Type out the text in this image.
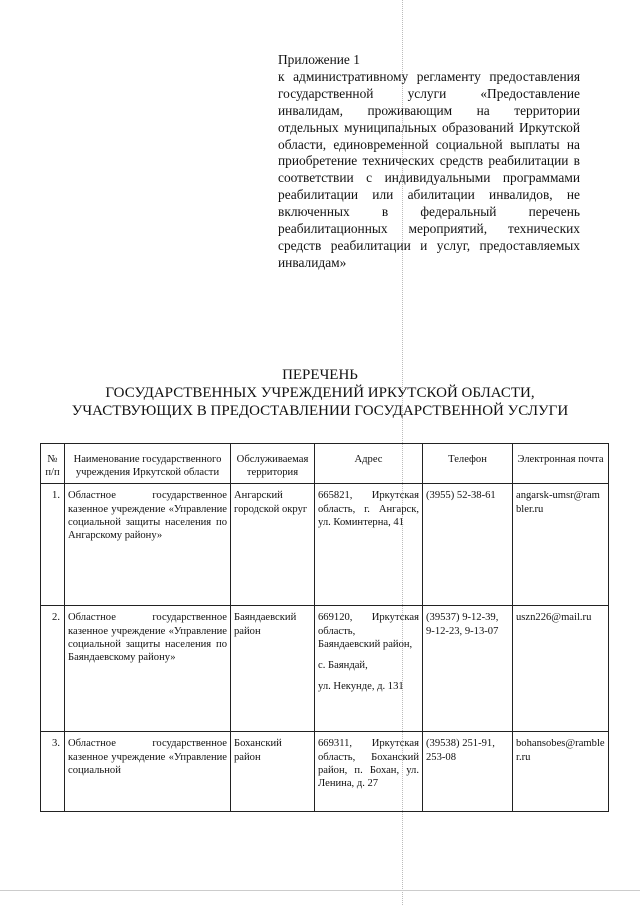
Приложение 1
к административному регламенту предоставления государственной услуги «Предоставление инвалидам, проживающим на территории отдельных муниципальных образований Иркутской области, единовременной социальной выплаты на приобретение технических средств реабилитации в соответствии с индивидуальными программами реабилитации или абилитации инвалидов, не включенных в федеральный перечень реабилитационных мероприятий, технических средств реабилитации и услуг, предоставляемых инвалидам»
ПЕРЕЧЕНЬ
ГОСУДАРСТВЕННЫХ УЧРЕЖДЕНИЙ ИРКУТСКОЙ ОБЛАСТИ,
УЧАСТВУЮЩИХ В ПРЕДОСТАВЛЕНИИ ГОСУДАРСТВЕННОЙ УСЛУГИ
№ п/п	Наименование государственного учреждения Иркутской области	Обслуживаемая территория	Адрес	Телефон	Электронная почта
1.	Областное государственное казенное учреждение «Управление социальной защиты населения по Ангарскому району»	Ангарский городской округ	665821, Иркутская область, г. Ангарск, ул. Коминтерна, 41	(3955) 52-38-61	angarsk-umsr@rambler.ru
2.	Областное государственное казенное учреждение «Управление социальной защиты населения по Баяндаевскому району»	Баяндаевский район	669120, Иркутская область, Баяндаевский район,
с. Баяндай,
ул. Некунде, д. 131	(39537) 9-12-39, 9-12-23, 9-13-07	uszn226@mail.ru
3.	Областное государственное казенное учреждение «Управление социальной	Боханский район	669311, Иркутская область, Боханский район, п. Бохан, ул. Ленина, д. 27	(39538) 251-91, 253-08	bohansobes@rambler.ru
